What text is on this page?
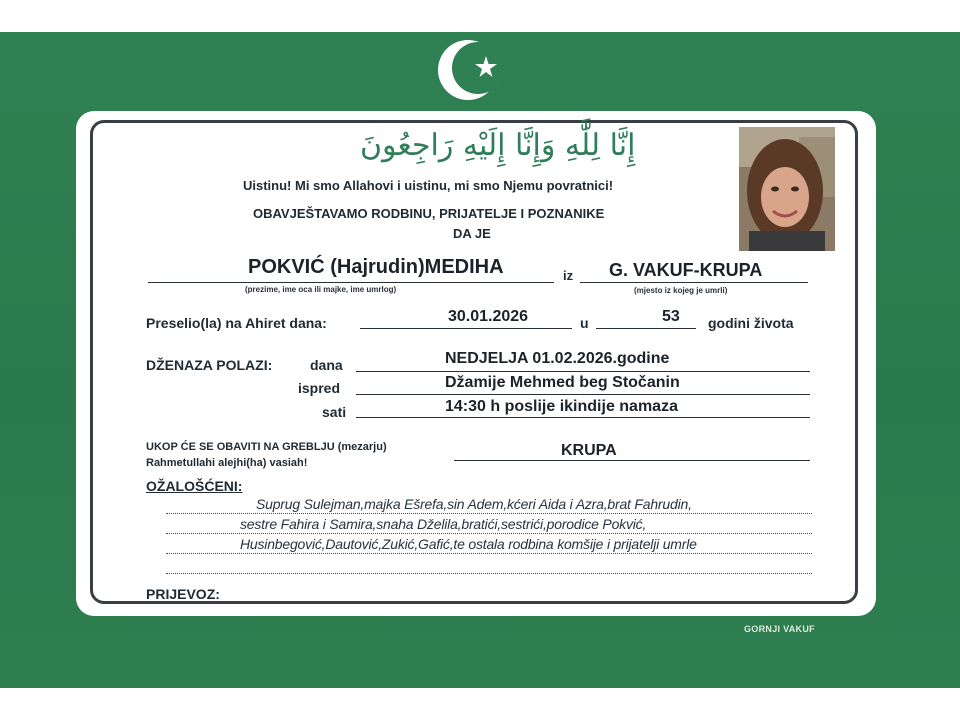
إِنَّا لِلَّٰهِ وَإِنَّا إِلَيْهِ رَاجِعُونَ
Uistinu! Mi smo Allahovi i uistinu, mi smo Njemu povratnici!
OBAVJEŠTAVAMO RODBINU, PRIJATELJE I POZNANIKE
DA JE
POKVIĆ (Hajrudin)MEDIHA
(prezime, ime oca ili majke, ime umrlog)
iz G. VAKUF-KRUPA
(mjesto iz kojeg je umrli)
Preselio(la) na Ahiret dana:	30.01.2026	u	53 godini života
DŽENAZA POLAZI:	dana	NEDJELJA 01.02.2026.godine
ispred	Džamije Mehmed beg Stočanin
sati	14:30 h poslije ikindije namaza
UKOP ĆE SE OBAVITI NA GREBLJU (mezarju)	KRUPA
Rahmetullahi alejhi(ha) vasiah!
OŽALOŠĆENI:
Suprug Sulejman,majka Ešrefa,sin Adem,kćeri Aida i Azra,brat Fahrudin,
sestre Fahira i Samira,snaha Dželila,bratići,sestrići,porodice Pokvić,
Husinbegović,Dautović,Zukić,Gafić,te ostala rodbina komšije i prijatelji umrle
PRIJEVOZ:
GORNJI VAKUF
